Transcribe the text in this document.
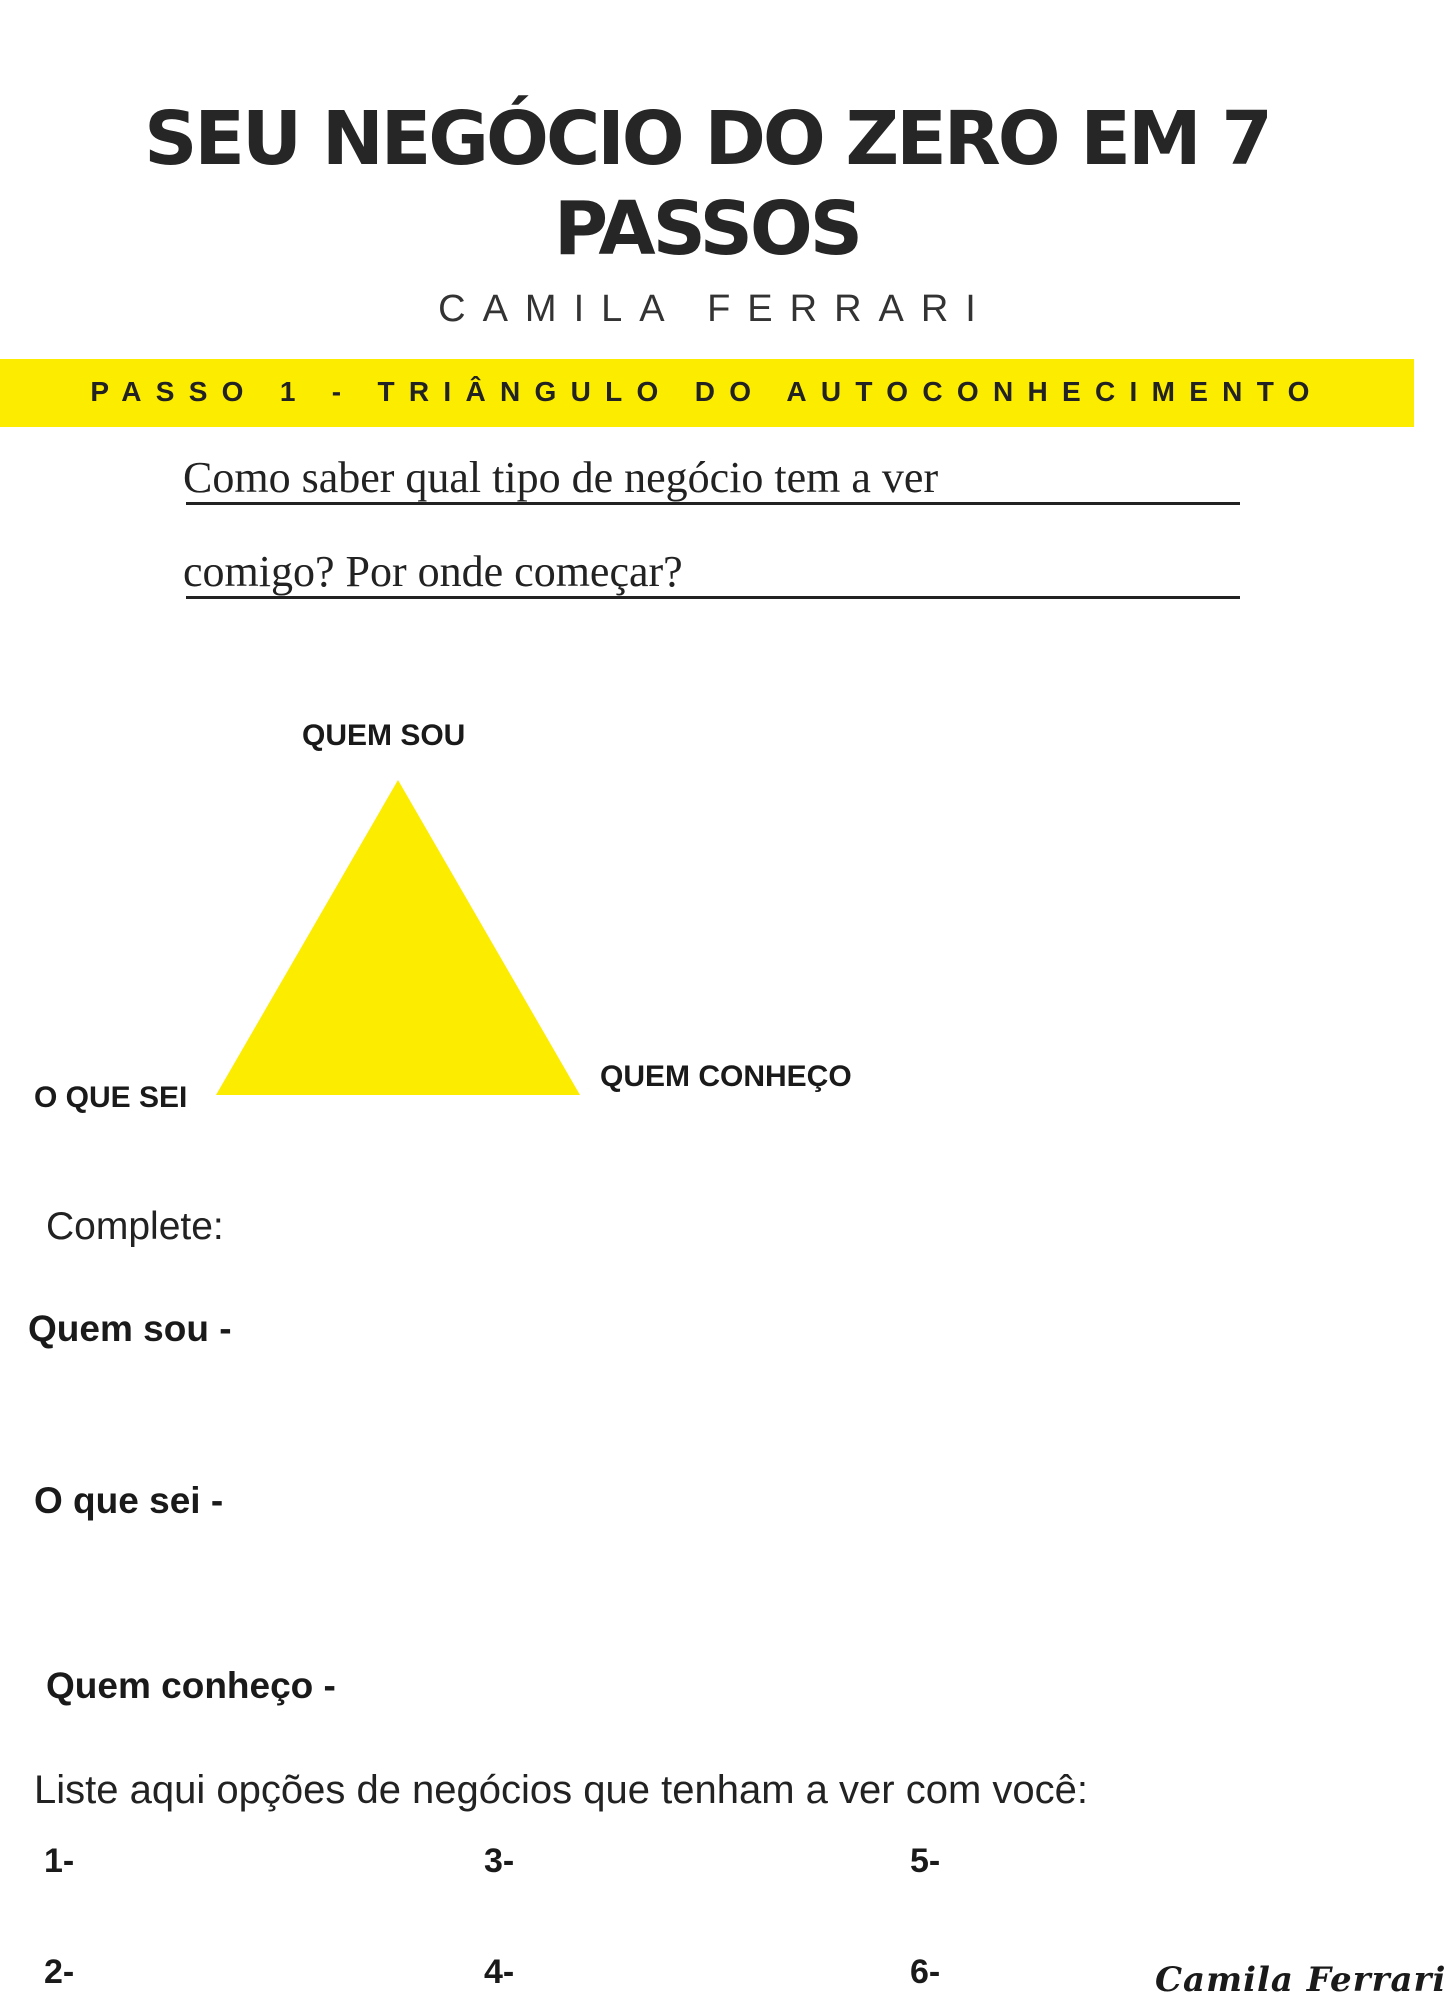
SEU NEGÓCIO DO ZERO EM 7
PASSOS
CAMILA FERRARI
PASSO 1 - TRIÂNGULO DO AUTOCONHECIMENTO
Como saber qual tipo de negócio tem a ver
comigo? Por onde começar?
QUEM SOU
O QUE SEI
QUEM CONHEÇO
Complete:
Quem sou -
O que sei -
Quem conheço -
Liste aqui opções de negócios que tenham a ver com você:
1-
2-
3-
4-
5-
6-	Camila Ferrari
